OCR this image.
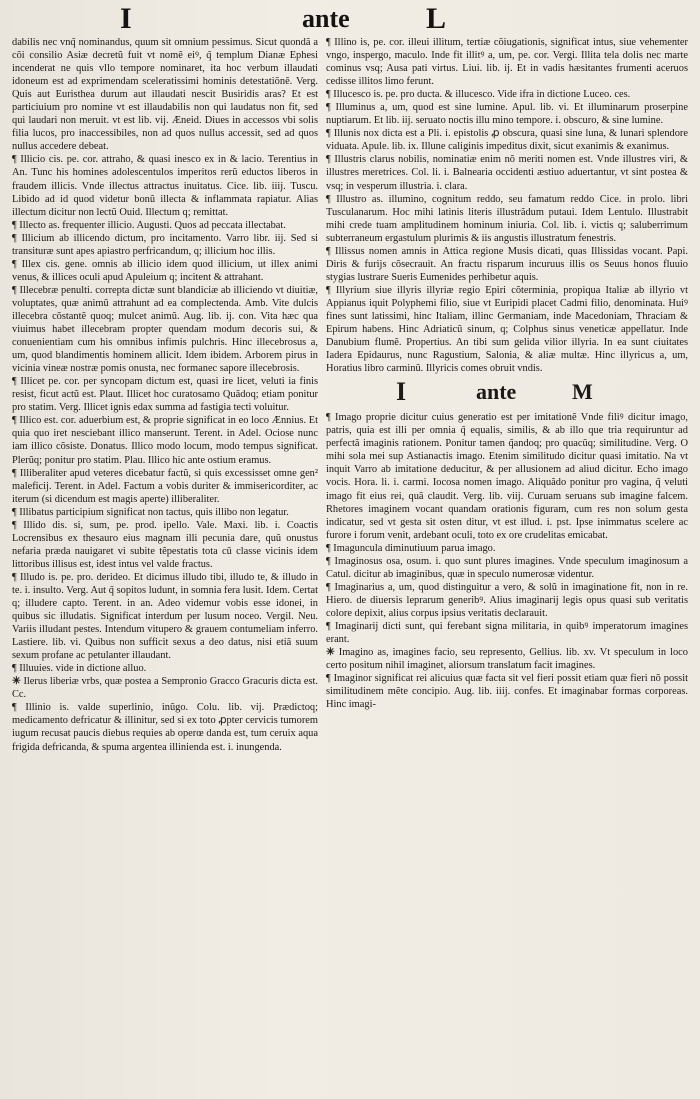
I	ante	L

dabilis nec vnq̃ nominandus, quum sit omnium pessimus. Sicut quondã a cõi consilio Asiæ decretũ fuit vt nomẽ eiꝰ, q̃ templum Dianæ Ephesi incenderat ne quis vllo tempore nominaret, ita hoc verbum illaudati idoneum est ad exprimendam sceleratissimi hominis detestatiõnẽ. Verg. Quis aut Euristhea durum aut illaudati nescit Busiridis aras? Et est particiuium pro nomine vt est illaudabilis non qui laudatus non fit, sed qui laudari non meruit. vt est lib. vij. Æneid. Diues in accessos vbi solis filia lucos, pro inaccessibiles, non ad quos nullus accessit, sed ad quos nullus accedere debeat.

¶ Illicio cis. pe. cor. attraho, & quasi inesco ex in & lacio. Terentius in An. Tunc his homines adolescentulos imperitos rerũ eductos liberos in fraudem illicis. Vnde illectus attractus inuitatus. Cice. lib. iiij. Tuscu. Libido ad id quod videtur bonũ illecta & inflammata rapiatur. Alias illectum dicitur non lectũ Ouid. Illectum q; remittat.

¶ Illecto as. frequenter illicio. Augusti. Quos ad peccata illectabat.

¶ Illicium ab illicendo dictum, pro incitamento. Varro libr. iij. Sed si transituræ sunt apes apiastro perfricandum, q; illicium hoc illis.

¶ Illex cis. gene. omnis ab illicio idem quod illicium, ut illex animi venus, & illices oculi apud Apuleium q; incitent & attrahant.

¶ Illecebræ penulti. correpta dictæ sunt blandiciæ ab illiciendo vt diuitiæ, voluptates, quæ animũ attrahunt ad ea complectenda. Amb. Vite dulcis illecebra cõstantẽ quoq; mulcet animũ. Aug. lib. ij. con. Vita hæc qua viuimus habet illecebram propter quendam modum decoris sui, & conuenientiam cum his omnibus infimis pulchris. Hinc illecebrosus a, um, quod blandimentis hominem allicit. Idem ibidem. Arborem pirus in vicinia vineæ nostræ pomis onusta, nec formanec sapore illecebrosis.

¶ Illicet pe. cor. per syncopam dictum est, quasi ire licet, veluti ia finis resist, ficut actũ est. Plaut. Illicet hoc curatosamo Quãdoq; etiam ponitur pro statim. Verg. Illicet ignis edax summa ad fastigia tecti voluitur.

¶ Illico est. cor. aduerbium est, & proprie significat in eo loco Ænnius. Et quia quo iret nesciebant illico manserunt. Terent. in Adel. Ociose nunc iam illico cõsiste. Donatus. Illico modo locum, modo tempus significat. Plerũq; ponitur pro statim. Plau. Illico hic ante ostium eramus.

¶ Illiberaliter apud veteres dicebatur factũ, si quis excessisset omne gen² maleficij. Terent. in Adel. Factum a vobis duriter & immisericorditer, ac iterum (si dicendum est magis aperte) illiberaliter.

¶ Illibatus participium significat non tactus, quis illibo non legatur.

¶ Illido dis. si, sum, pe. prod. ipello. Vale. Maxi. lib. i. Coactis Locrensibus ex thesauro eius magnam illi pecunia dare, quũ onustus nefaria præda nauigaret vi subite tẽpestatis tota cũ classe vicinis idem littoribus illisus est, idest intus vel valde fractus.

¶ Illudo is. pe. pro. derideo. Et dicimus illudo tibi, illudo te, & illudo in te. i. insulto. Verg. Aut q̃ sopitos ludunt, in somnia fera lusit. Idem. Certat q; illudere capto. Terent. in an. Adeo videmur vobis esse idonei, in quibus sic illudatis. Significat interdum per lusum noceo. Vergil. Neu. Variis illudant pestes. Intendum vitupero & grauem contumeliam inferro. Lastiere. lib. vi. Quibus non sufficit sexus a deo datus, nisi etiã suum sexum profane ac petulanter illaudant.

¶ Illuuies. vide in dictione alluo.

✳ Ilerus liberiæ vrbs, quæ postea a Sempronio Gracco Gracuris dicta est. Cc.

¶ Illinio is. valde superlinio, inũgo. Colu. lib. vij. Prædictoq; medicamento defricatur & illinitur, sed si ex toto ꝓpter cervicis tumorem iugum recusat paucis diebus requies ab operœ danda est, tum ceruix aqua frigida defricanda, & spuma argentea illinienda est. i. inungenda.

¶ Illino is, pe. cor. illeui illitum, tertiæ cõiugationis, significat intus, siue vehementer vngo, inspergo, maculo. Inde fit illitꝰ a, um, pe. cor. Vergi. Illita tela dolis nec marte cominus vsq; Ausa pati virtus. Liui. lib. ij. Et in vadis hæsitantes frumenti aceruos cedisse illitos limo ferunt.

¶ Illucesco is. pe. pro ducta. & illucesco. Vide ifra in dictione Luceo. ces.

¶ Illuminus a, um, quod est sine lumine. Apul. lib. vi. Et illuminarum proserpine nuptiarum. Et lib. iij. seruato noctis illu mino tempore. i. obscuro, & sine lumine.

¶ Illunis nox dicta est a Pli. i. epistolis ꝓ obscura, quasi sine luna, & lunari splendore viduata. Apule. lib. ix. Illune caliginis impeditus dixit, sicut exanimis & exanimus.

¶ Illustris clarus nobilis, nominatiæ enim nõ meriti nomen est. Vnde illustres viri, & illustres meretrices. Col. li. i. Balnearia occidenti æstiuo aduertantur, vt sint postea & vsq; in vesperum illustria. i. clara.

¶ Illustro as. illumino, cognitum reddo, seu famatum reddo Cice. in prolo. libri Tusculanarum. Hoc mihi latinis literis illustrãdum putaui. Idem Lentulo. Illustrabit mihi crede tuam amplitudinem hominum iniuria. Col. lib. i. victis q; saluberrimum subterraneum ergastulum plurimis & iis angustis illustratum fenestris.

¶ Illissus nomen amnis in Attica regione Musis dicati, quas Illissidas vocant. Papi. Diris & furijs cõsecrauit. An fractu risparum incuruus illis os Seuus honos fluuio stygias lustrare Sueris Eumenides perhibetur aquis.

¶ Illyrium siue illyris illyriæ regio Epiri cõterminia, propiqua Italiæ ab illyrio vt Appianus iquit Polyphemi filio, siue vt Euripidi placet Cadmi filio, denominata. Huiꝰ fines sunt latissimi, hinc Italiam, illinc Germaniam, inde Macedoniam, Thraciam & Epirum habens. Hinc Adriaticũ sinum, q; Colphus sinus veneticæ appellatur. Inde Danubium flumẽ. Propertius. An tibi sum gelida vilior illyria. In ea sunt ciuitates Iadera Epidaurus, nunc Ragustium, Salonia, & aliæ multæ. Hinc illyricus a, um, Horatius libro carminũ. Illyricis comes obruit vndis.

I	ante	M

¶ Imago proprie dicitur cuius generatio est per imitationẽ Vnde filiꝰ dicitur imago, patris, quia est illi per omnia q̃ equalis, similis, & ab illo que tria requiruntur ad perfectã imaginis rationem. Ponitur tamen q̃andoq; pro quacũq; similitudine. Verg. O mihi sola mei sup Astianactis imago. Etenim similitudo dicitur quasi imitatio. Na vt inquit Varro ab imitatione deducitur, & per allusionem ad aliud dicitur. Echo imago vocis. Hora. li. i. carmi. Iocosa nomen imago. Aliquãdo ponitur pro vagina, q̃ veluti imago fit eius rei, quã claudit. Verg. lib. viij. Curuam seruans sub imagine falcem. Rhetores imaginem vocant quandam orationis figuram, cum res non solum gesta indicatur, sed vt gesta sit osten ditur, vt est illud. i. pst. Ipse inimmatus scelere ac furore i forum venit, ardebant oculi, toto ex ore crudelitas emicabat.

¶ Imaguncula diminutiuum parua imago.

¶ Imaginosus osa, osum. i. quo sunt plures imagines. Vnde speculum imaginosum a Catul. dicitur ab imaginibus, quæ in speculo numerosæ videntur.

¶ Imaginarius a, um, quod distinguitur a vero, & solũ in imaginatione fit, non in re. Hiero. de diuersis leprarum generibꝰ. Alius imaginarij legis opus quasi sub veritatis colore depixit, alius corpus ipsius veritatis declarauit.

¶ Imaginarij dicti sunt, qui ferebant signa militaria, in quibꝰ imperatorum imagines erant.

✳ Imagino as, imagines facio, seu represento, Gellius. lib. xv. Vt speculum in loco certo positum nihil imaginet, aliorsum translatum facit imagines.

¶ Imaginor significat rei alicuius quæ facta sit vel fieri possit etiam quæ fieri nõ possit similitudinem mẽte concipio. Aug. lib. iiij. confes. Et imaginabar formas corporeas. Hinc imagi-
